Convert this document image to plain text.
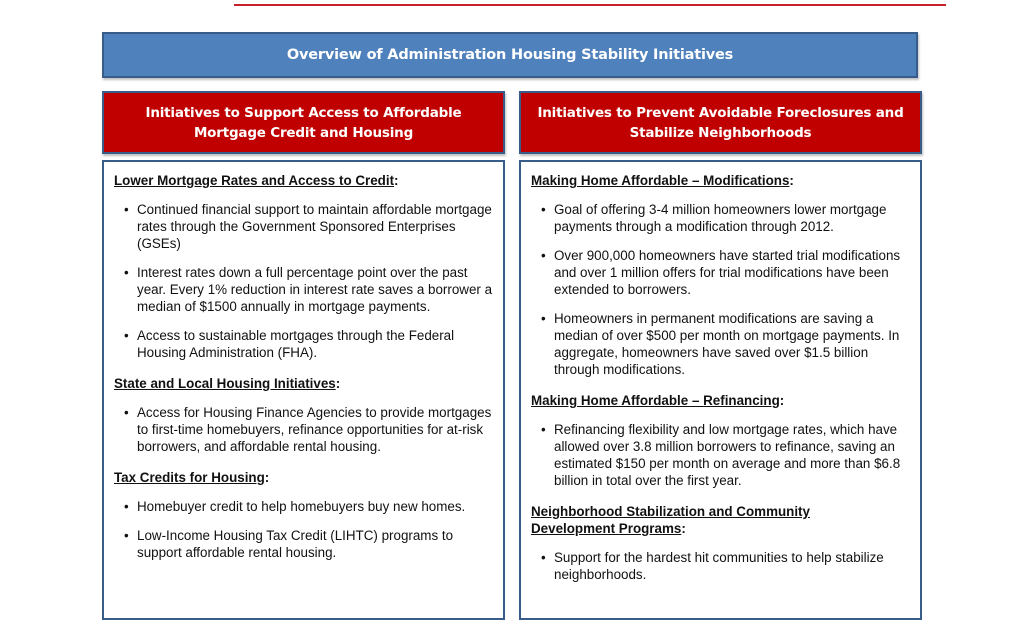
Overview of Administration Housing Stability Initiatives
Initiatives to Support Access to Affordable Mortgage Credit and Housing
Initiatives to Prevent Avoidable Foreclosures and Stabilize Neighborhoods
Lower Mortgage Rates and Access to Credit:
• Continued financial support to maintain affordable mortgage rates through the Government Sponsored Enterprises (GSEs)
• Interest rates down a full percentage point over the past year. Every 1% reduction in interest rate saves a borrower a median of $1500 annually in mortgage payments.
• Access to sustainable mortgages through the Federal Housing Administration (FHA).
State and Local Housing Initiatives:
• Access for Housing Finance Agencies to provide mortgages to first-time homebuyers, refinance opportunities for at-risk borrowers, and affordable rental housing.
Tax Credits for Housing:
• Homebuyer credit to help homebuyers buy new homes.
• Low-Income Housing Tax Credit (LIHTC) programs to support affordable rental housing.
Making Home Affordable – Modifications:
• Goal of offering 3-4 million homeowners lower mortgage payments through a modification through 2012.
• Over 900,000 homeowners have started trial modifications and over 1 million offers for trial modifications have been extended to borrowers.
• Homeowners in permanent modifications are saving a median of over $500 per month on mortgage payments. In aggregate, homeowners have saved over $1.5 billion through modifications.
Making Home Affordable – Refinancing:
• Refinancing flexibility and low mortgage rates, which have allowed over 3.8 million borrowers to refinance, saving an estimated $150 per month on average and more than $6.8 billion in total over the first year.
Neighborhood Stabilization and Community Development Programs:
• Support for the hardest hit communities to help stabilize neighborhoods.
